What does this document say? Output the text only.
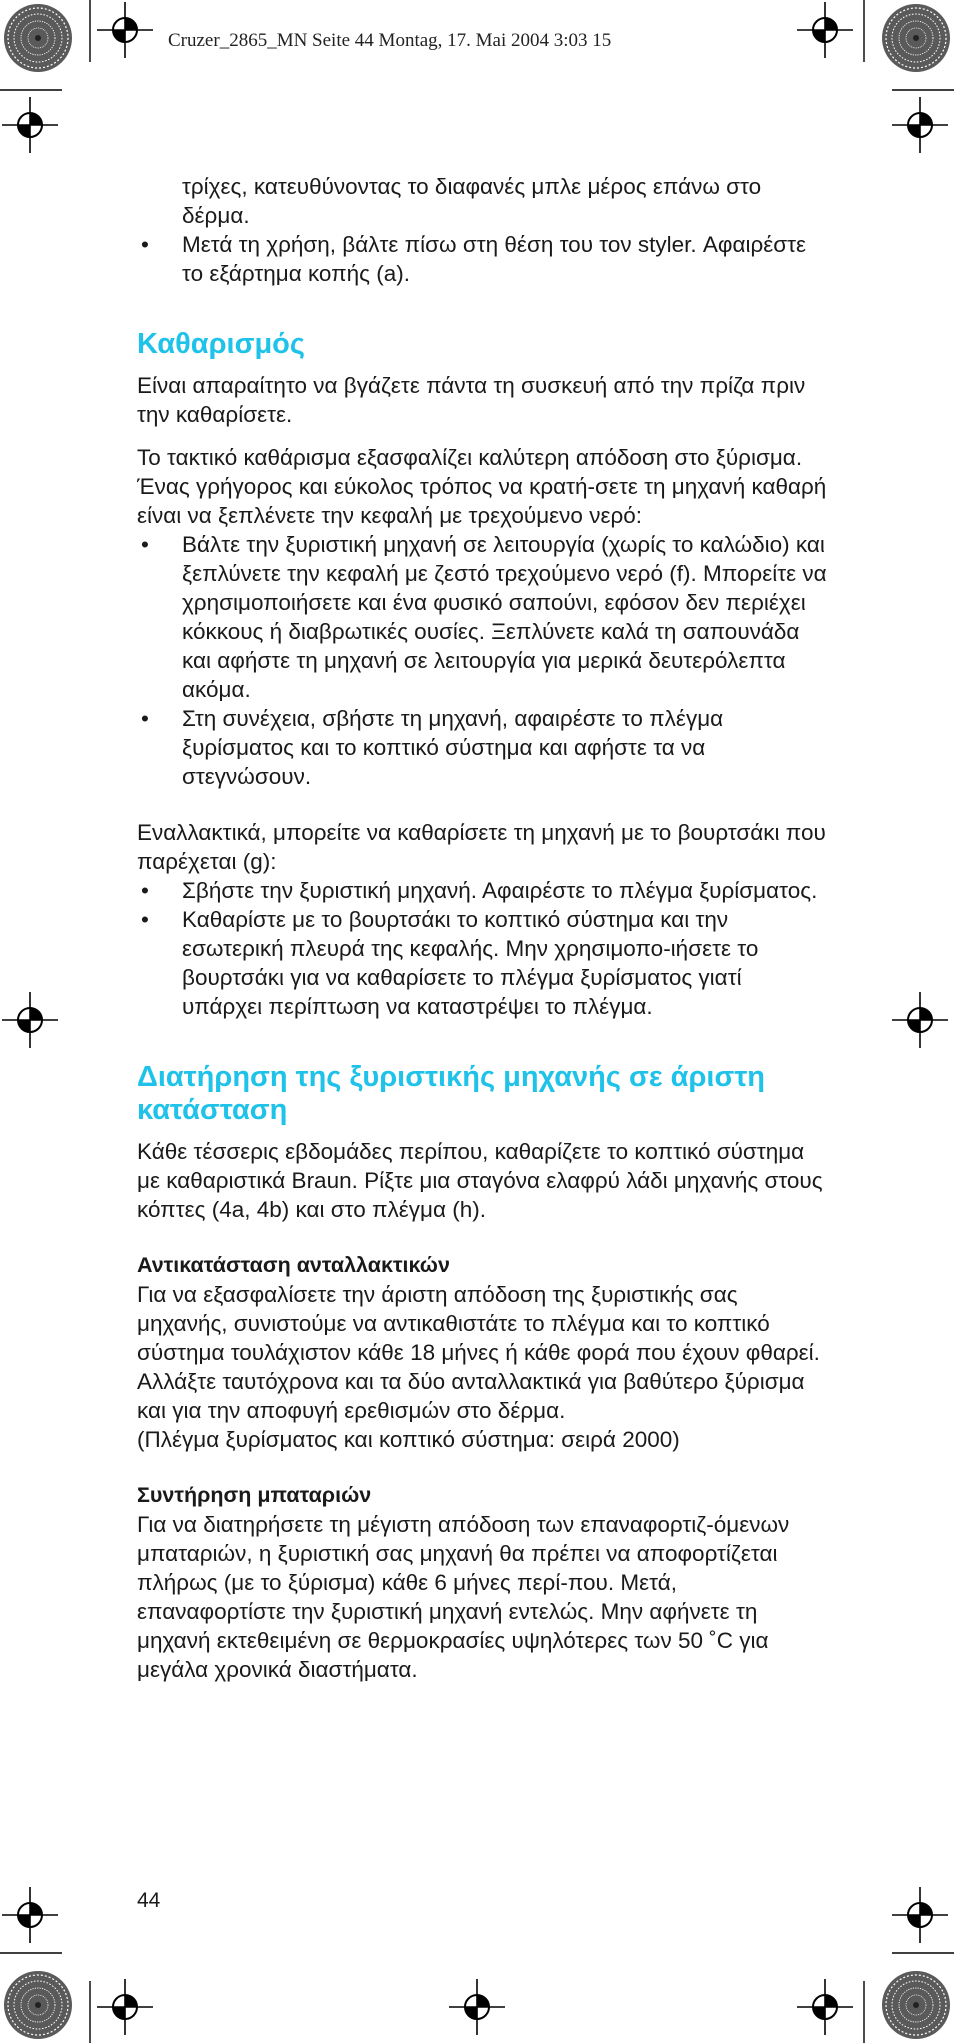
Cruzer_2865_MN Seite 44 Montag, 17. Mai 2004 3:03 15

τρίχες, κατευθύνοντας το διαφανές μπλε μέρος επάνω στο δέρμα.

• Μετά τη χρήση, βάλτε πίσω στη θέση του τον styler. Αφαιρέστε το εξάρτημα κοπής (a).
Καθαρισμός

Είναι απαραίτητο να βγάζετε πάντα τη συσκευή από την πρίζα πριν την καθαρίσετε.

Το τακτικό καθάρισμα εξασφαλίζει καλύτερη απόδοση στο ξύρισμα. Ένας γρήγορος και εύκολος τρόπος να κρατή-σετε τη μηχανή καθαρή είναι να ξεπλένετε την κεφαλή με τρεχούμενο νερό:

• Βάλτε την ξυριστική μηχανή σε λειτουργία (χωρίς το καλώδιο) και ξεπλύνετε την κεφαλή με ζεστό τρεχούμενο νερό (f). Μπορείτε να χρησιμοποιήσετε και ένα φυσικό σαπούνι, εφόσον δεν περιέχει κόκκους ή διαβρωτικές ουσίες. Ξεπλύνετε καλά τη σαπουνάδα και αφήστε τη μηχανή σε λειτουργία για μερικά δευτερόλεπτα ακόμα.
• Στη συνέχεια, σβήστε τη μηχανή, αφαιρέστε το πλέγμα ξυρίσματος και το κοπτικό σύστημα και αφήστε τα να στεγνώσουν.

Εναλλακτικά, μπορείτε να καθαρίσετε τη μηχανή με το βουρτσάκι που παρέχεται (g):

• Σβήστε την ξυριστική μηχανή. Αφαιρέστε το πλέγμα ξυρίσματος.
• Καθαρίστε με το βουρτσάκι το κοπτικό σύστημα και την εσωτερική πλευρά της κεφαλής. Μην χρησιμοπο-ιήσετε το βουρτσάκι για να καθαρίσετε το πλέγμα ξυρίσματος γιατί υπάρχει περίπτωση να καταστρέψει το πλέγμα.
Διατήρηση της ξυριστικής μηχανής σε άριστη κατάσταση

Κάθε τέσσερις εβδομάδες περίπου, καθαρίζετε το κοπτικό σύστημα με καθαριστικά Braun. Ρίξτε μια σταγόνα ελαφρύ λάδι μηχανής στους κόπτες (4a, 4b) και στο πλέγμα (h).

Αντικατάσταση ανταλλακτικών

Για να εξασφαλίσετε την άριστη απόδοση της ξυριστικής σας μηχανής, συνιστούμε να αντικαθιστάτε το πλέγμα και το κοπτικό σύστημα τουλάχιστον κάθε 18 μήνες ή κάθε φορά που έχουν φθαρεί. Αλλάξτε ταυτόχρονα και τα δύο ανταλλακτικά για βαθύτερο ξύρισμα και για την αποφυγή ερεθισμών στο δέρμα.

(Πλέγμα ξυρίσματος και κοπτικό σύστημα: σειρά 2000)

Συντήρηση μπαταριών

Για να διατηρήσετε τη μέγιστη απόδοση των επαναφορτιζ-όμενων μπαταριών, η ξυριστική σας μηχανή θα πρέπει να αποφορτίζεται πλήρως (με το ξύρισμα) κάθε 6 μήνες περί-που. Μετά, επαναφορτίστε την ξυριστική μηχανή εντελώς. Μην αφήνετε τη μηχανή εκτεθειμένη σε θερμοκρασίες υψηλότερες των 50 ˚C για μεγάλα χρονικά διαστήματα.

44
